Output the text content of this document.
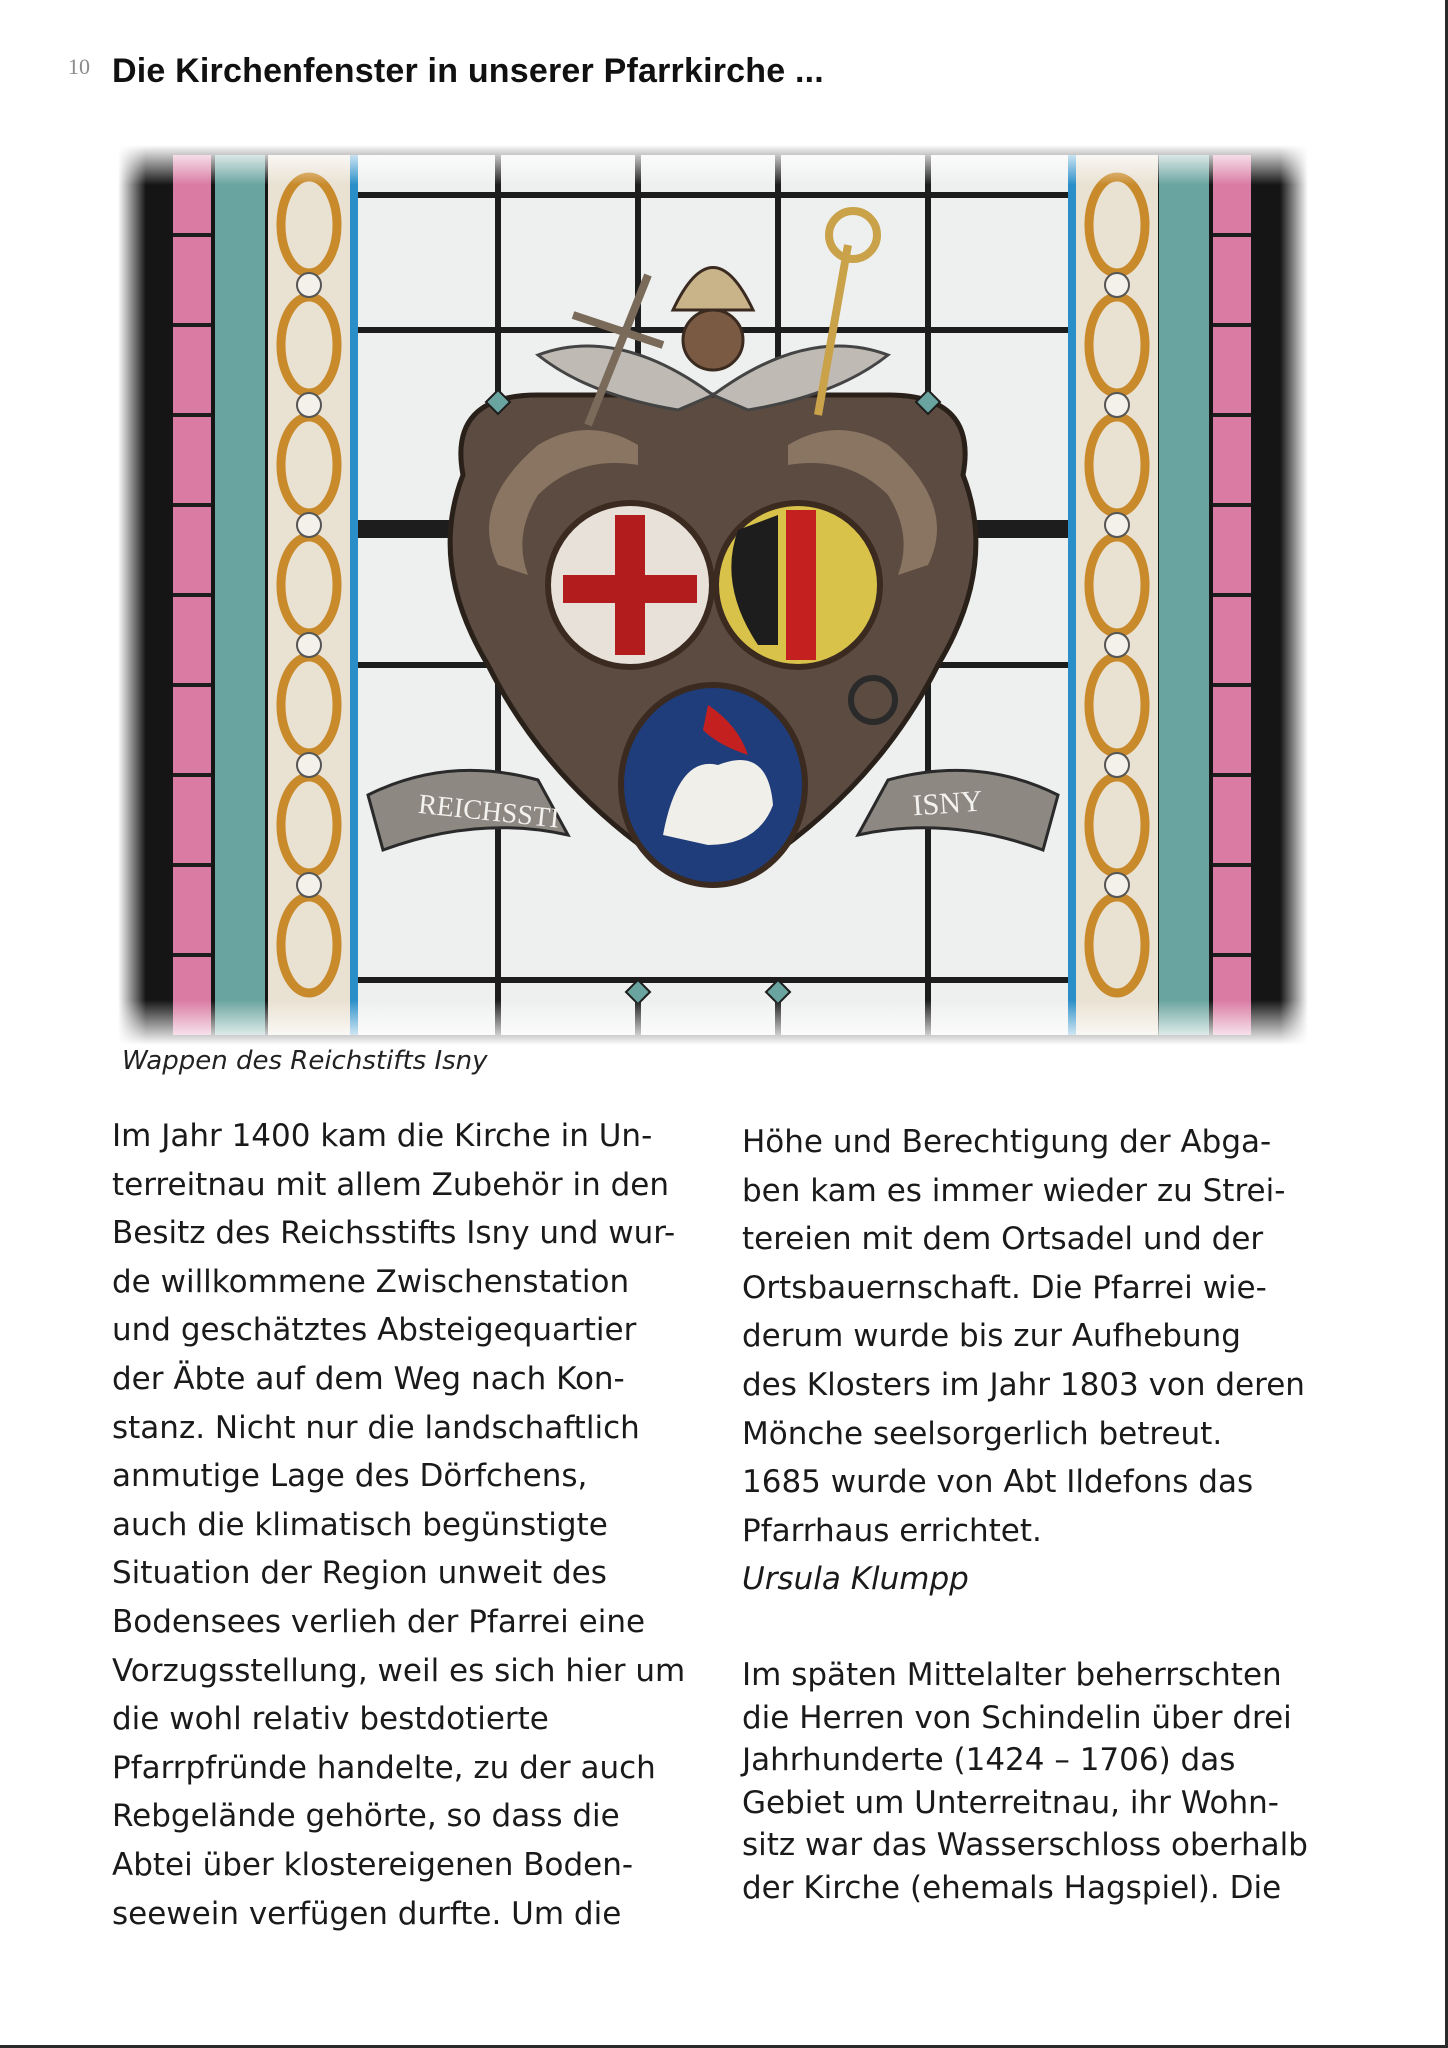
10 Die Kirchenfenster in unserer Pfarrkirche ...
REICHSSTI	ISNY
Wappen des Reichstifts Isny

Im Jahr 1400 kam die Kirche in Un-
terreitnau mit allem Zubehör in den
Besitz des Reichsstifts Isny und wur-
de willkommene Zwischenstation
und geschätztes Absteigequartier
der Äbte auf dem Weg nach Kon-
stanz. Nicht nur die landschaftlich
anmutige Lage des Dörfchens,
auch die klimatisch begünstigte
Situation der Region unweit des
Bodensees verlieh der Pfarrei eine
Vorzugsstellung, weil es sich hier um
die wohl relativ bestdotierte
Pfarrpfründe handelte, zu der auch
Rebgelände gehörte, so dass die
Abtei über klostereigenen Boden-
seewein verfügen durfte. Um die

Höhe und Berechtigung der Abga-
ben kam es immer wieder zu Strei-
tereien mit dem Ortsadel und der
Ortsbauernschaft. Die Pfarrei wie-
derum wurde bis zur Aufhebung
des Klosters im Jahr 1803 von deren
Mönche seelsorgerlich betreut.
1685 wurde von Abt Ildefons das
Pfarrhaus errichtet.
Ursula Klumpp

Im späten Mittelalter beherrschten
die Herren von Schindelin über drei
Jahrhunderte (1424 – 1706) das
Gebiet um Unterreitnau, ihr Wohn-
sitz war das Wasserschloss oberhalb
der Kirche (ehemals Hagspiel). Die
